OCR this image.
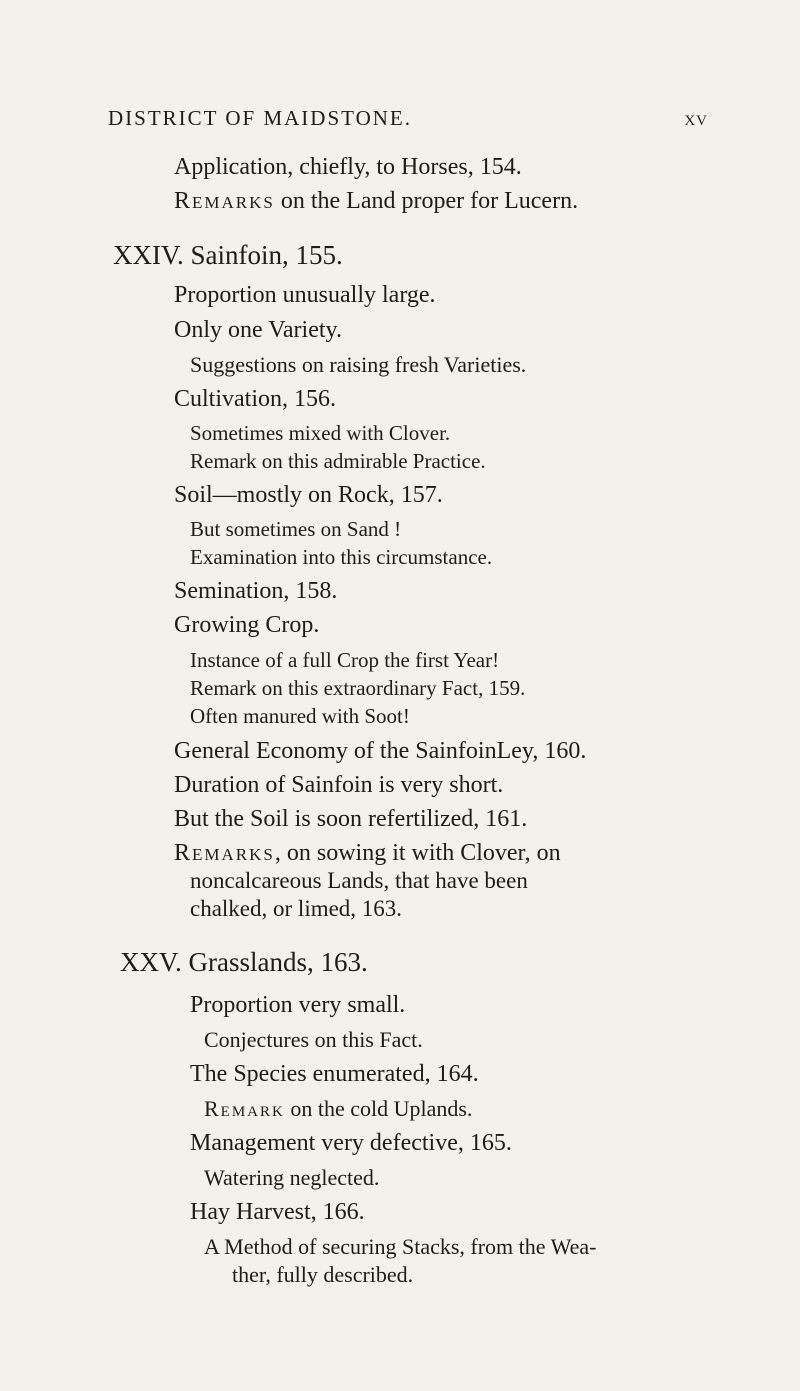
DISTRICT OF MAIDSTONE.	xv
Application, chiefly, to Horses, 154.
Remarks on the Land proper for Lucern.
XXIV. Sainfoin, 155.
Proportion unusually large.
Only one Variety.
Suggestions on raising fresh Varieties.
Cultivation, 156.
Sometimes mixed with Clover.
Remark on this admirable Practice.
Soil—mostly on Rock, 157.
But sometimes on Sand !
Examination into this circumstance.
Semination, 158.
Growing Crop.
Instance of a full Crop the first Year!
Remark on this extraordinary Fact, 159.
Often manured with Soot!
General Economy of the SainfoinLey, 160.
Duration of Sainfoin is very short.
But the Soil is soon refertilized, 161.
Remarks, on sowing it with Clover, on
noncalcareous Lands, that have been
chalked, or limed, 163.
XXV. Grasslands, 163.
Proportion very small.
Conjectures on this Fact.
The Species enumerated, 164.
Remark on the cold Uplands.
Management very defective, 165.
Watering neglected.
Hay Harvest, 166.
A Method of securing Stacks, from the Wea-
ther, fully described.
